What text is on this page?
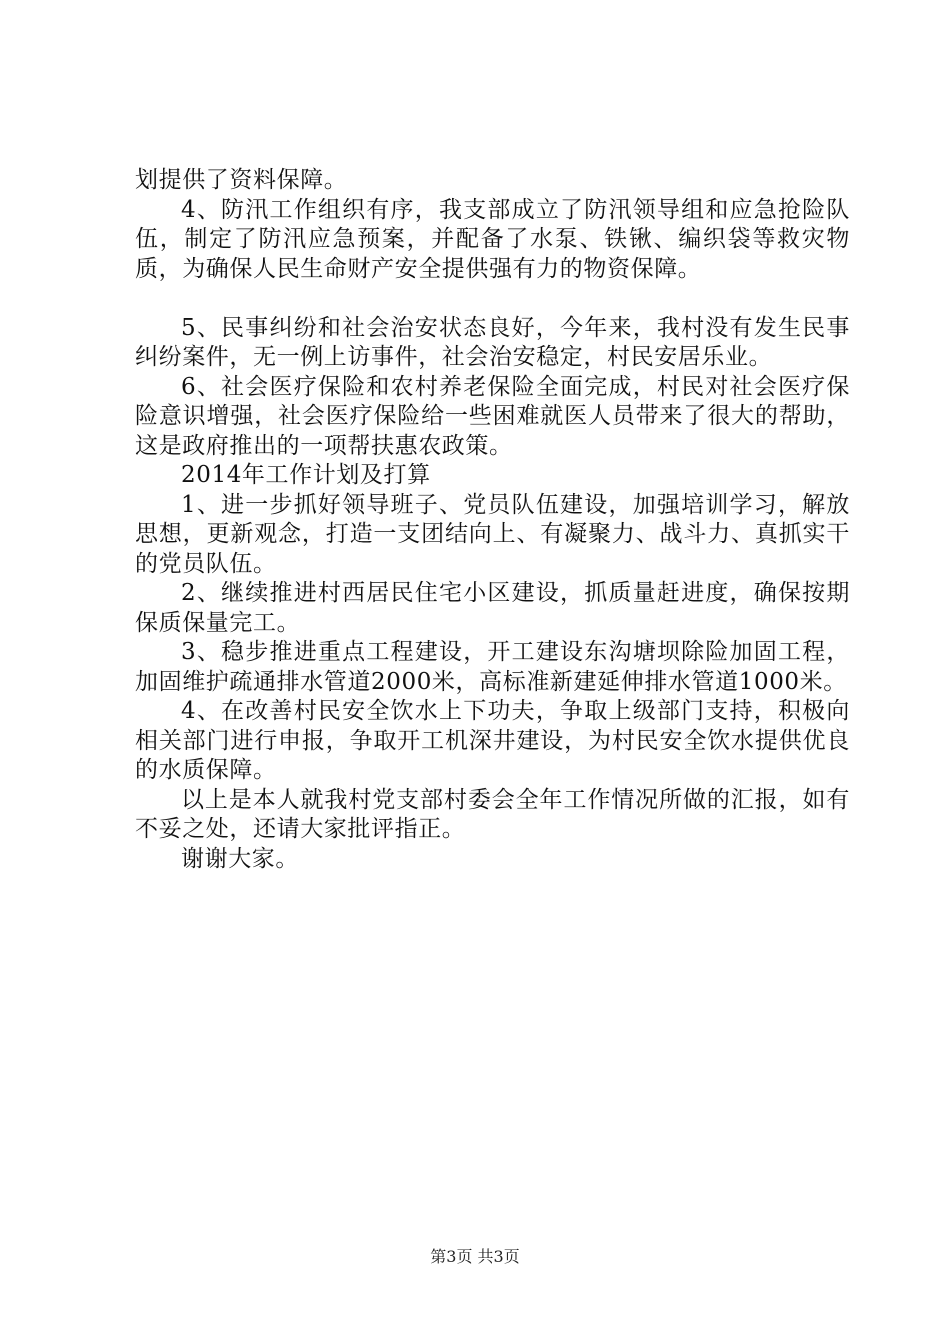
划提供了资料保障。

4、防汛工作组织有序，我支部成立了防汛领导组和应急抢险队伍，制定了防汛应急预案，并配备了水泵、铁锹、编织袋等救灾物质，为确保人民生命财产安全提供强有力的物资保障。

5、民事纠纷和社会治安状态良好，今年来，我村没有发生民事纠纷案件，无一例上访事件，社会治安稳定，村民安居乐业。

6、社会医疗保险和农村养老保险全面完成，村民对社会医疗保险意识增强，社会医疗保险给一些困难就医人员带来了很大的帮助，这是政府推出的一项帮扶惠农政策。

2014年工作计划及打算

1、进一步抓好领导班子、党员队伍建设，加强培训学习，解放思想，更新观念，打造一支团结向上、有凝聚力、战斗力、真抓实干的党员队伍。

2、继续推进村西居民住宅小区建设，抓质量赶进度，确保按期保质保量完工。

3、稳步推进重点工程建设，开工建设东沟塘坝除险加固工程，加固维护疏通排水管道2000米，高标准新建延伸排水管道1000米。

4、在改善村民安全饮水上下功夫，争取上级部门支持，积极向相关部门进行申报，争取开工机深井建设，为村民安全饮水提供优良的水质保障。

以上是本人就我村党支部村委会全年工作情况所做的汇报，如有不妥之处，还请大家批评指正。

谢谢大家。

第3页 共3页
